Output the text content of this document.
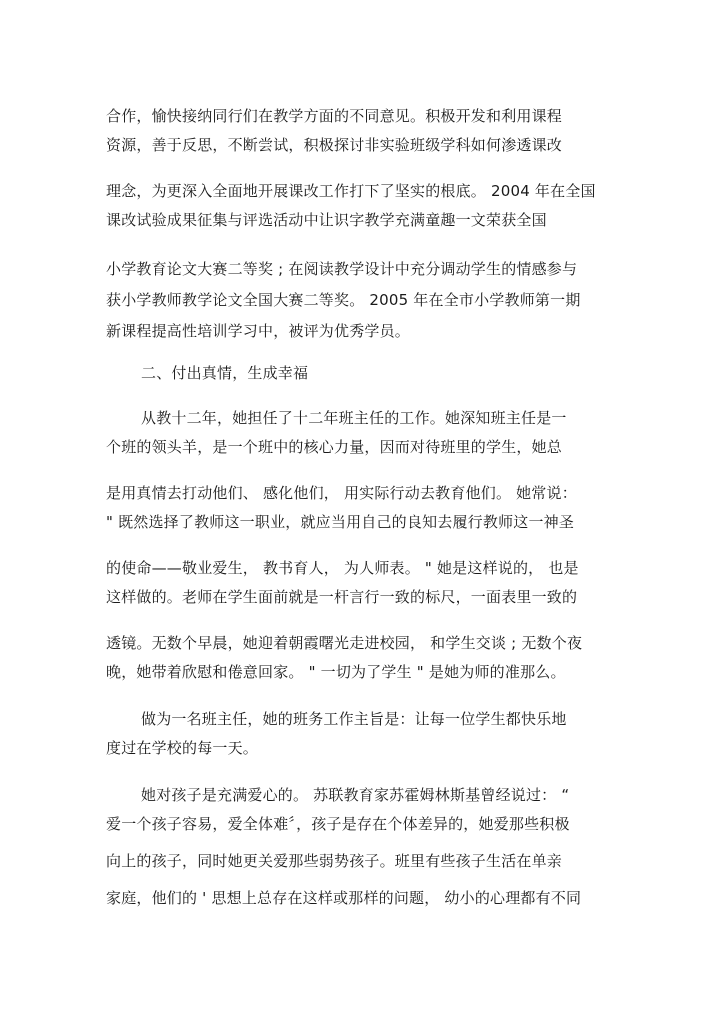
合作，愉快接纳同行们在教学方面的不同意见。积极开发和利用课程
资源，善于反思，不断尝试，积极探讨非实验班级学科如何渗透课改
理念，为更深入全面地开展课改工作打下了坚实的根底。 2004 年在全国
课改试验成果征集与评选活动中让识字教学充满童趣一文荣获全国
小学教育论文大赛二等奖 ; 在阅读教学设计中充分调动学生的情感参与
获小学教师教学论文全国大赛二等奖。 2005 年在全市小学教师第一期
新课程提高性培训学习中，被评为优秀学员。
二、付出真情，生成幸福
从教十二年，她担任了十二年班主任的工作。她深知班主任是一
个班的领头羊，是一个班中的核心力量，因而对待班里的学生，她总
是用真情去打动他们、 感化他们， 用实际行动去教育他们。 她常说：
" 既然选择了教师这一职业，就应当用自己的良知去履行教师这一神圣
的使命——敬业爱生， 教书育人， 为人师表。 " 她是这样说的， 也是
这样做的。老师在学生面前就是一杆言行一致的标尺，一面表里一致的
透镜。无数个早晨，她迎着朝霞曙光走进校园， 和学生交谈 ; 无数个夜
晚，她带着欣慰和倦意回家。 " 一切为了学生 " 是她为师的准那么。
做为一名班主任，她的班务工作主旨是：让每一位学生都快乐地
度过在学校的每一天。
她对孩子是充满爱心的。 苏联教育家苏霍姆林斯基曾经说过： “
爱一个孩子容易，爱全体难〞，孩子是存在个体差异的，她爱那些积极
向上的孩子，同时她更关爱那些弱势孩子。班里有些孩子生活在单亲
家庭，他们的 ' 思想上总存在这样或那样的问题， 幼小的心理都有不同
